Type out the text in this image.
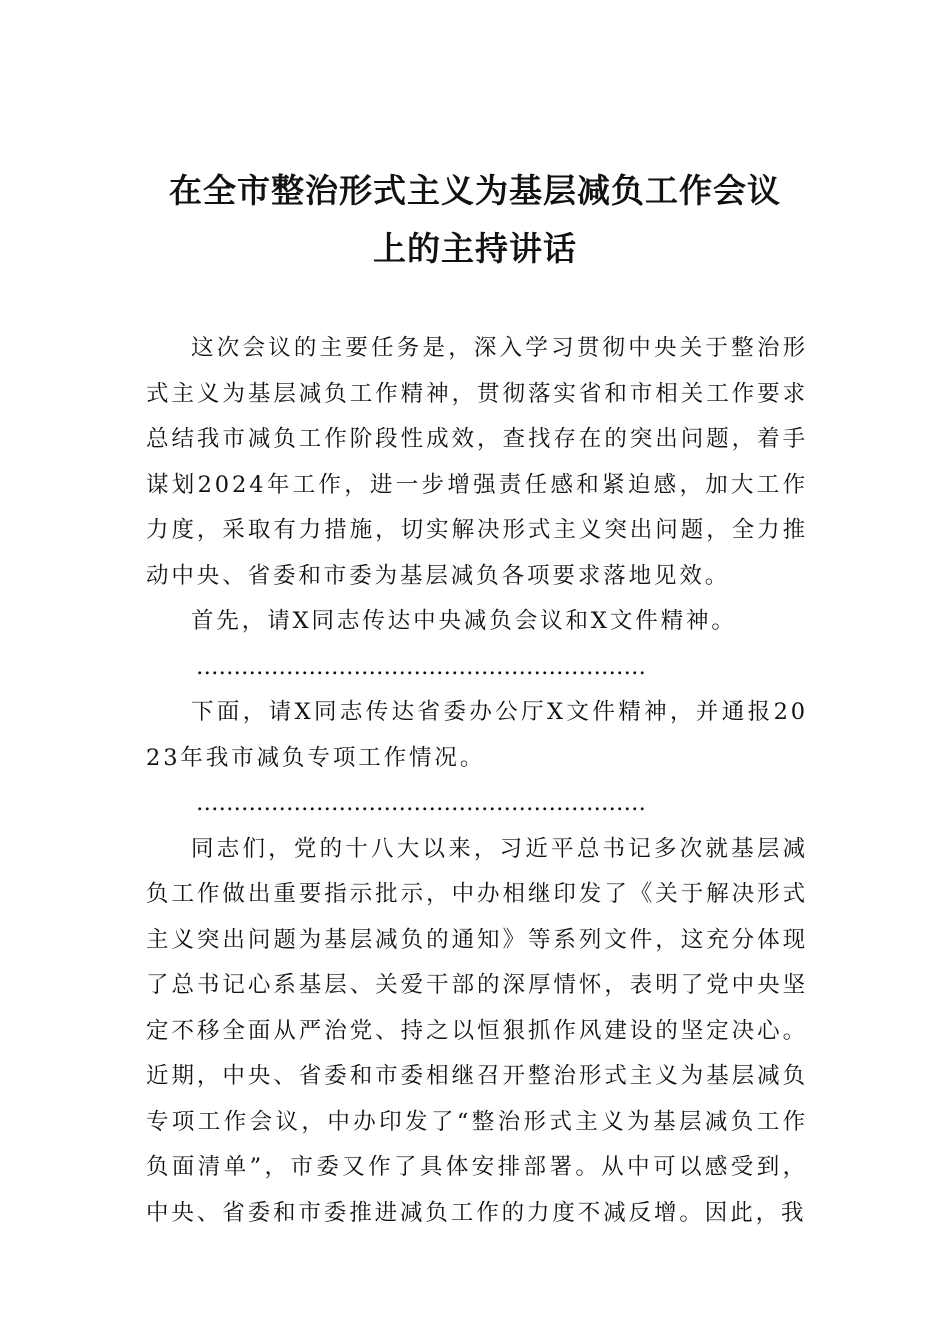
在全市整治形式主义为基层减负工作会议
上的主持讲话

这次会议的主要任务是，深入学习贯彻中央关于整治形式主义为基层减负工作精神，贯彻落实省和市相关工作要求总结我市减负工作阶段性成效，查找存在的突出问题，着手谋划2024年工作，进一步增强责任感和紧迫感，加大工作力度，采取有力措施，切实解决形式主义突出问题，全力推动中央、省委和市委为基层减负各项要求落地见效。

首先，请X同志传达中央减负会议和X文件精神。

……………………………………………………

下面，请X同志传达省委办公厅X文件精神，并通报2023年我市减负专项工作情况。

……………………………………………………

同志们，党的十八大以来，习近平总书记多次就基层减负工作做出重要指示批示，中办相继印发了《关于解决形式主义突出问题为基层减负的通知》等系列文件，这充分体现了总书记心系基层、关爱干部的深厚情怀，表明了党中央坚定不移全面从严治党、持之以恒狠抓作风建设的坚定决心。近期，中央、省委和市委相继召开整治形式主义为基层减负专项工作会议，中办印发了“整治形式主义为基层减负工作负面清单”，市委又作了具体安排部署。从中可以感受到，中央、省委和市委推进减负工作的力度不减反增。因此，我
